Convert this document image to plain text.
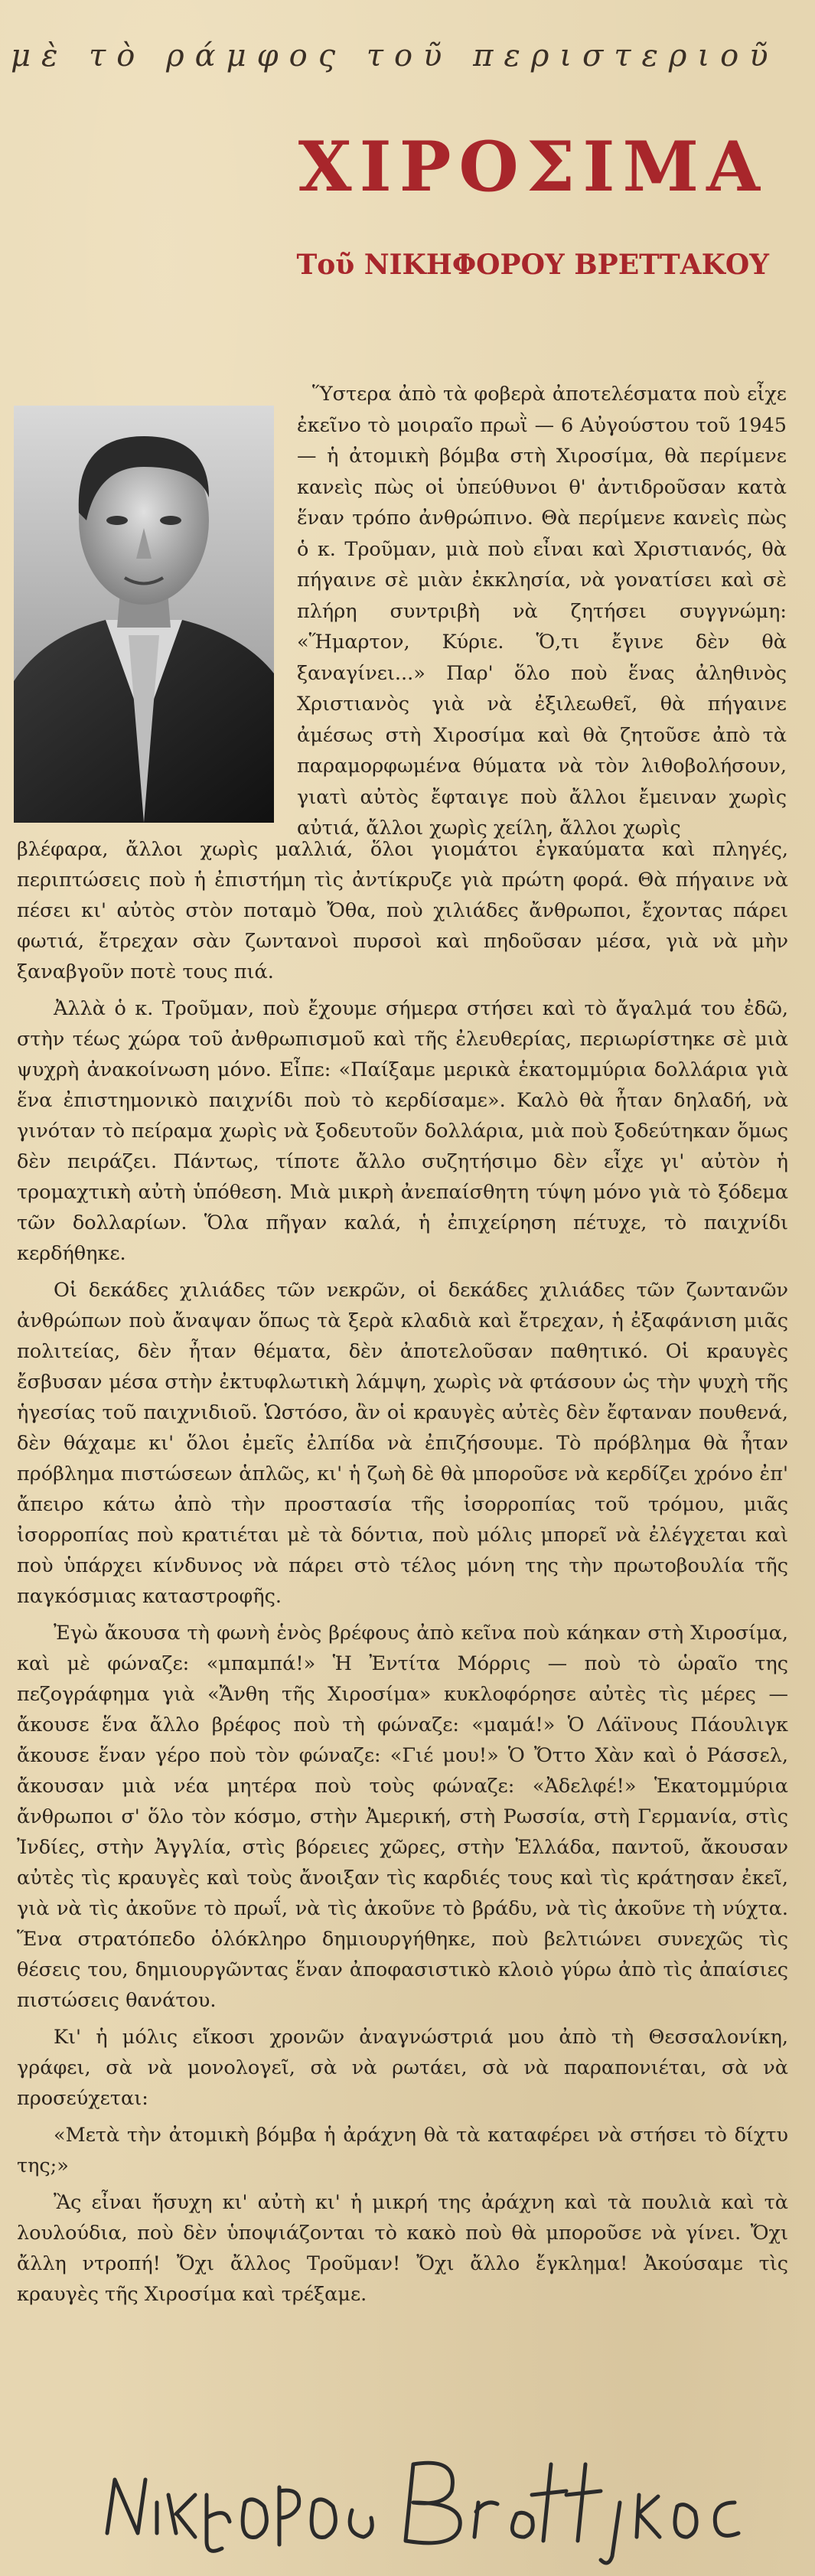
μὲ τὸ ράμφος τοῦ περιστεριοῦ
ΧΙΡΟΣΙΜΑ
Τοῦ ΝΙΚΗΦΟΡΟΥ ΒΡΕΤΤΑΚΟΥ

Ὕστερα ἀπὸ τὰ φοβερὰ ἀποτελέσματα ποὺ εἶχε ἐκεῖνο τὸ μοιραῖο πρωῒ — 6 Αὐγούστου τοῦ 1945 — ἡ ἀτομικὴ βόμβα στὴ Χιροσίμα, θὰ περίμενε κανεὶς πὼς οἱ ὑπεύθυνοι θ' ἀντιδροῦσαν κατὰ ἕναν τρόπο ἀνθρώπινο. Θὰ περίμενε κανεὶς πὼς ὁ κ. Τροῦμαν, μιὰ ποὺ εἶναι καὶ Χριστιανός, θὰ πήγαινε σὲ μιὰν ἐκκλησία, νὰ γονατίσει καὶ σὲ πλήρη συντριβὴ νὰ ζητήσει συγγνώμη: «Ἥμαρτον, Κύριε. Ὅ,τι ἔγινε δὲν θὰ ξαναγίνει...» Παρ' ὅλο ποὺ ἕνας ἀληθινὸς Χριστιανὸς γιὰ νὰ ἐξιλεωθεῖ, θὰ πήγαινε ἀμέσως στὴ Χιροσίμα καὶ θὰ ζητοῦσε ἀπὸ τὰ παραμορφωμένα θύματα νὰ τὸν λιθοβολήσουν, γιατὶ αὐτὸς ἔφταιγε ποὺ ἄλλοι ἔμειναν χωρὶς αὐτιά, ἄλλοι χωρὶς χείλη, ἄλλοι χωρὶς

βλέφαρα, ἄλλοι χωρὶς μαλλιά, ὅλοι γιομάτοι ἐγκαύματα καὶ πληγές, περιπτώσεις ποὺ ἡ ἐπιστήμη τὶς ἀντίκρυζε γιὰ πρώτη φορά. Θὰ πήγαινε νὰ πέσει κι' αὐτὸς στὸν ποταμὸ Ὄθα, ποὺ χιλιάδες ἄνθρωποι, ἔχοντας πάρει φωτιά, ἔτρεχαν σὰν ζωντανοὶ πυρσοὶ καὶ πηδοῦσαν μέσα, γιὰ νὰ μὴν ξαναβγοῦν ποτὲ τους πιά.

Ἀλλὰ ὁ κ. Τροῦμαν, ποὺ ἔχουμε σήμερα στήσει καὶ τὸ ἄγαλμά του ἐδῶ, στὴν τέως χώρα τοῦ ἀνθρωπισμοῦ καὶ τῆς ἐλευθερίας, περιωρίστηκε σὲ μιὰ ψυχρὴ ἀνακοίνωση μόνο. Εἶπε: «Παίξαμε μερικὰ ἑκατομμύρια δολλάρια γιὰ ἕνα ἐπιστημονικὸ παιχνίδι ποὺ τὸ κερδίσαμε». Καλὸ θὰ ἦταν δηλαδή, νὰ γινόταν τὸ πείραμα χωρὶς νὰ ξοδευτοῦν δολλάρια, μιὰ ποὺ ξοδεύτηκαν ὅμως δὲν πειράζει. Πάντως, τίποτε ἄλλο συζητήσιμο δὲν εἶχε γι' αὐτὸν ἡ τρομαχτικὴ αὐτὴ ὑπόθεση. Μιὰ μικρὴ ἀνεπαίσθητη τύψη μόνο γιὰ τὸ ξόδεμα τῶν δολλαρίων. Ὅλα πῆγαν καλά, ἡ ἐπιχείρηση πέτυχε, τὸ παιχνίδι κερδήθηκε.

Οἱ δεκάδες χιλιάδες τῶν νεκρῶν, οἱ δεκάδες χιλιάδες τῶν ζωντανῶν ἀνθρώπων ποὺ ἄναψαν ὅπως τὰ ξερὰ κλαδιὰ καὶ ἔτρεχαν, ἡ ἐξαφάνιση μιᾶς πολιτείας, δὲν ἦταν θέματα, δὲν ἀποτελοῦσαν παθητικό. Οἱ κραυγὲς ἔσβυσαν μέσα στὴν ἐκτυφλωτικὴ λάμψη, χωρὶς νὰ φτάσουν ὡς τὴν ψυχὴ τῆς ἡγεσίας τοῦ παιχνιδιοῦ. Ὡστόσο, ἂν οἱ κραυγὲς αὐτὲς δὲν ἔφταναν πουθενά, δὲν θάχαμε κι' ὅλοι ἐμεῖς ἐλπίδα νὰ ἐπιζήσουμε. Τὸ πρόβλημα θὰ ἦταν πρόβλημα πιστώσεων ἁπλῶς, κι' ἡ ζωὴ δὲ θὰ μποροῦσε νὰ κερδίζει χρόνο ἐπ' ἄπειρο κάτω ἀπὸ τὴν προστασία τῆς ἰσορροπίας τοῦ τρόμου, μιᾶς ἰσορροπίας ποὺ κρατιέται μὲ τὰ δόντια, ποὺ μόλις μπορεῖ νὰ ἐλέγχεται καὶ ποὺ ὑπάρχει κίνδυνος νὰ πάρει στὸ τέλος μόνη της τὴν πρωτοβουλία τῆς παγκόσμιας καταστροφῆς.

Ἐγὼ ἄκουσα τὴ φωνὴ ἑνὸς βρέφους ἀπὸ κεῖνα ποὺ κάηκαν στὴ Χιροσίμα, καὶ μὲ φώναζε: «μπαμπά!» Ἡ Ἐντίτα Μόρρις — ποὺ τὸ ὡραῖο της πεζογράφημα γιὰ «Ἄνθη τῆς Χιροσίμα» κυκλοφόρησε αὐτὲς τὶς μέρες — ἄκουσε ἕνα ἄλλο βρέφος ποὺ τὴ φώναζε: «μαμά!» Ὁ Λάϊνους Πάουλιγκ ἄκουσε ἕναν γέρο ποὺ τὸν φώναζε: «Γιέ μου!» Ὁ Ὄττο Χὰν καὶ ὁ Ράσσελ, ἄκουσαν μιὰ νέα μητέρα ποὺ τοὺς φώναζε: «Ἀδελφέ!» Ἑκατομμύρια ἄνθρωποι σ' ὅλο τὸν κόσμο, στὴν Ἀμερική, στὴ Ρωσσία, στὴ Γερμανία, στὶς Ἰνδίες, στὴν Ἀγγλία, στὶς βόρειες χῶρες, στὴν Ἑλλάδα, παντοῦ, ἄκουσαν αὐτὲς τὶς κραυγὲς καὶ τοὺς ἄνοιξαν τὶς καρδιές τους καὶ τὶς κράτησαν ἐκεῖ, γιὰ νὰ τὶς ἀκοῦνε τὸ πρωΐ, νὰ τὶς ἀκοῦνε τὸ βράδυ, νὰ τὶς ἀκοῦνε τὴ νύχτα. Ἕνα στρατόπεδο ὁλόκληρο δημιουργήθηκε, ποὺ βελτιώνει συνεχῶς τὶς θέσεις του, δημιουργῶντας ἕναν ἀποφασιστικὸ κλοιὸ γύρω ἀπὸ τὶς ἀπαίσιες πιστώσεις θανάτου.

Κι' ἡ μόλις εἴκοσι χρονῶν ἀναγνώστριά μου ἀπὸ τὴ Θεσσαλονίκη, γράφει, σὰ νὰ μονολογεῖ, σὰ νὰ ρωτάει, σὰ νὰ παραπονιέται, σὰ νὰ προσεύχεται:

«Μετὰ τὴν ἀτομικὴ βόμβα ἡ ἀράχνη θὰ τὰ καταφέρει νὰ στήσει τὸ δίχτυ της;»

Ἂς εἶναι ἥσυχη κι' αὐτὴ κι' ἡ μικρή της ἀράχνη καὶ τὰ πουλιὰ καὶ τὰ λουλούδια, ποὺ δὲν ὑποψιάζονται τὸ κακὸ ποὺ θὰ μποροῦσε νὰ γίνει. Ὄχι ἄλλη ντροπή! Ὄχι ἄλλος Τροῦμαν! Ὄχι ἄλλο ἔγκλημα! Ἀκούσαμε τὶς κραυγὲς τῆς Χιροσίμα καὶ τρέξαμε.
